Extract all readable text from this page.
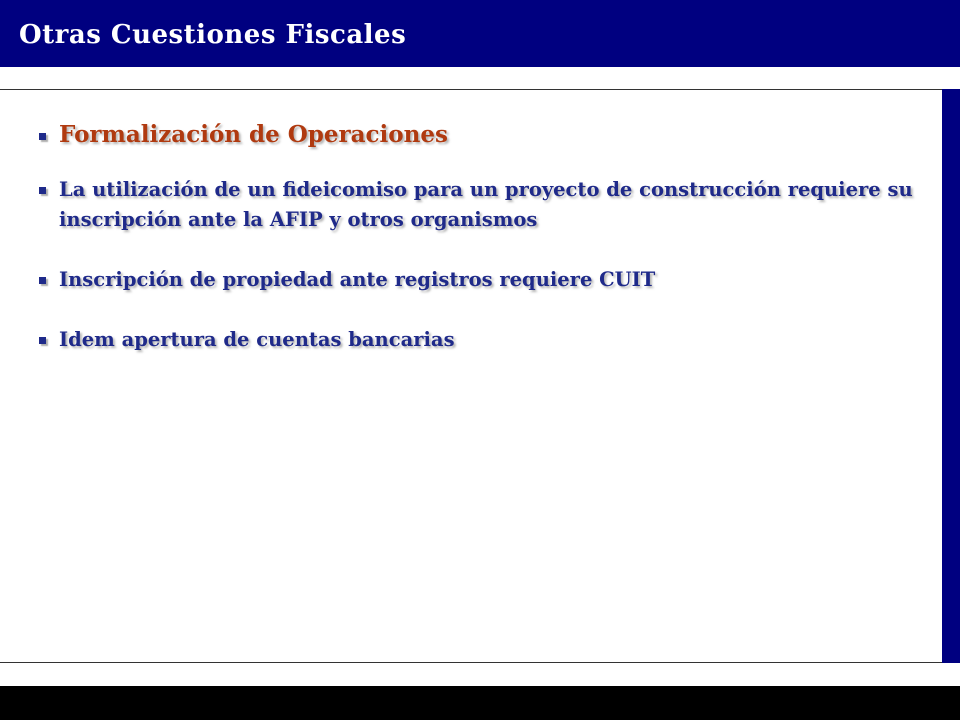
Otras Cuestiones Fiscales
Formalización de Operaciones
La utilización de un fideicomiso para un proyecto de construcción requiere su inscripción ante la AFIP y otros organismos
Inscripción de propiedad ante registros requiere CUIT
Idem apertura de cuentas bancarias
